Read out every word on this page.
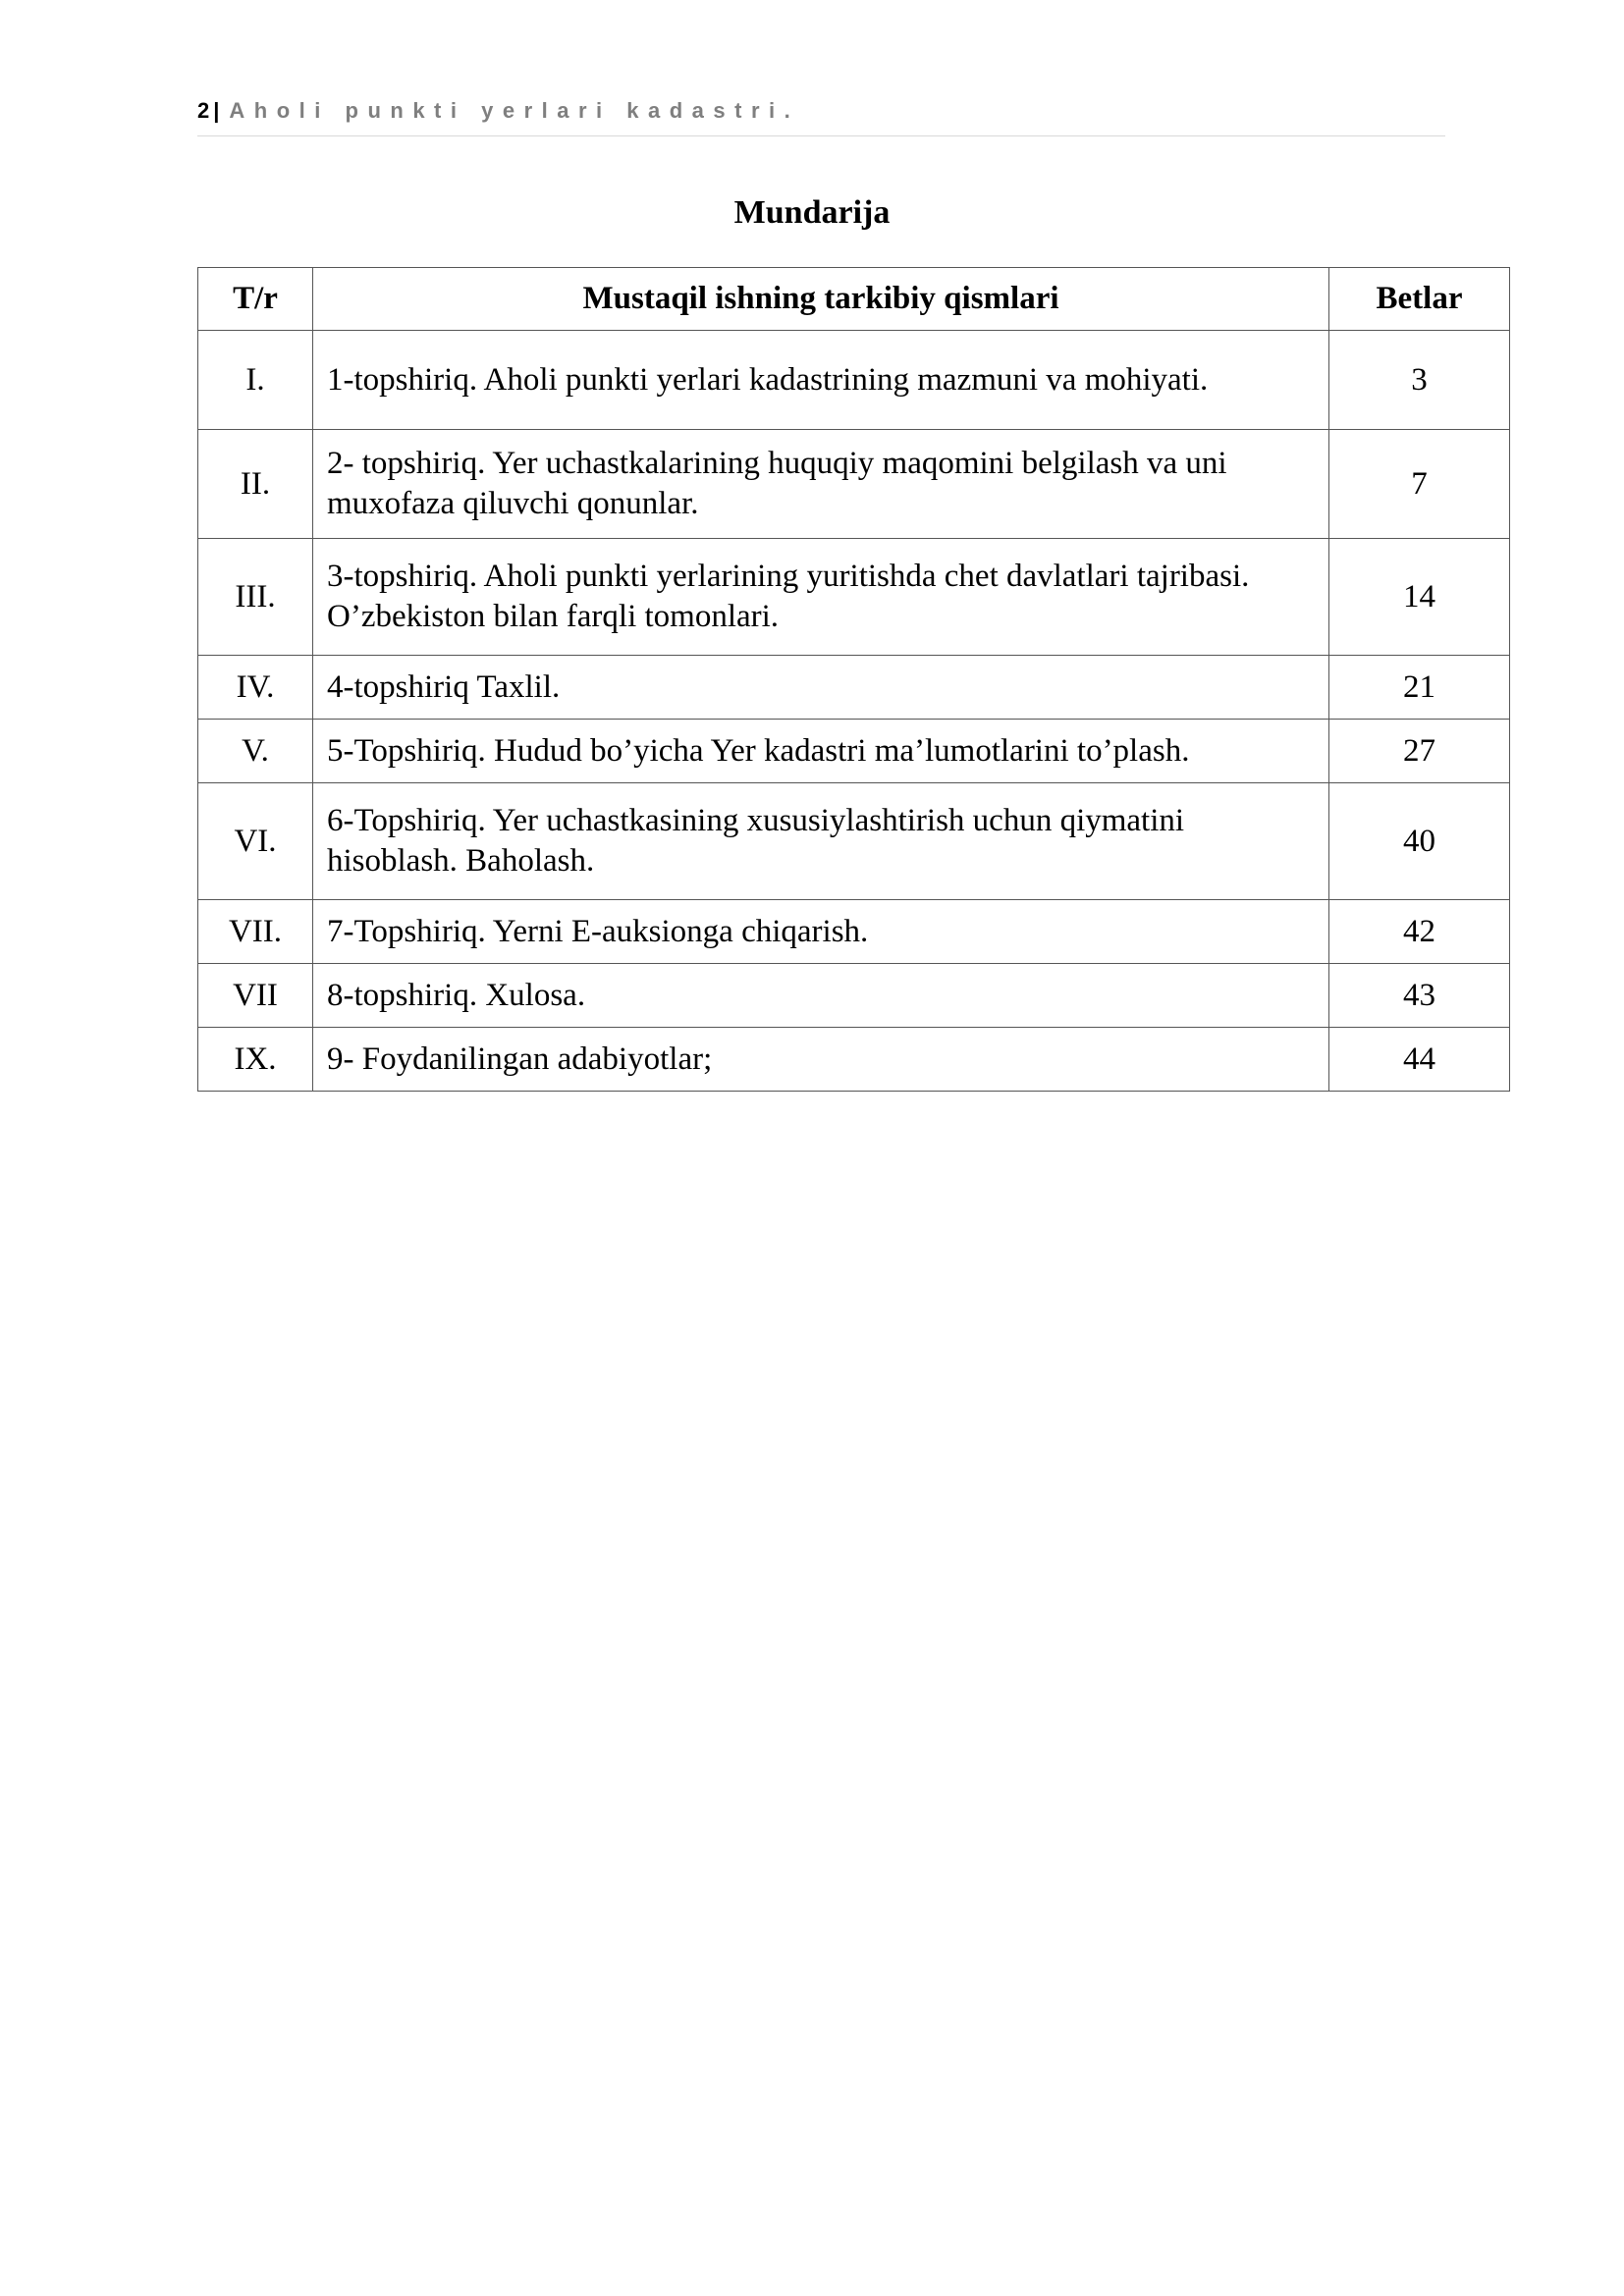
2| Aholi punkti yerlari kadastri.
Mundarija
T/r	Mustaqil ishning tarkibiy qismlari	Betlar
I.	1-topshiriq. Aholi punkti yerlari kadastrining mazmuni va mohiyati.	3
II.	2- topshiriq. Yer uchastkalarining huquqiy maqomini belgilash va uni muxofaza qiluvchi qonunlar.	7
III.	3-topshiriq. Aholi punkti yerlarining yuritishda chet davlatlari tajribasi. O’zbekiston bilan farqli tomonlari.	14
IV.	4-topshiriq Taxlil.	21
V.	5-Topshiriq. Hudud bo’yicha Yer kadastri ma’lumotlarini to’plash.	27
VI.	6-Topshiriq. Yer uchastkasining xususiylashtirish uchun qiymatini hisoblash. Baholash.	40
VII.	7-Topshiriq. Yerni E-auksionga chiqarish.	42
VII	8-topshiriq. Xulosa.	43
IX.	9- Foydanilingan adabiyotlar;	44
